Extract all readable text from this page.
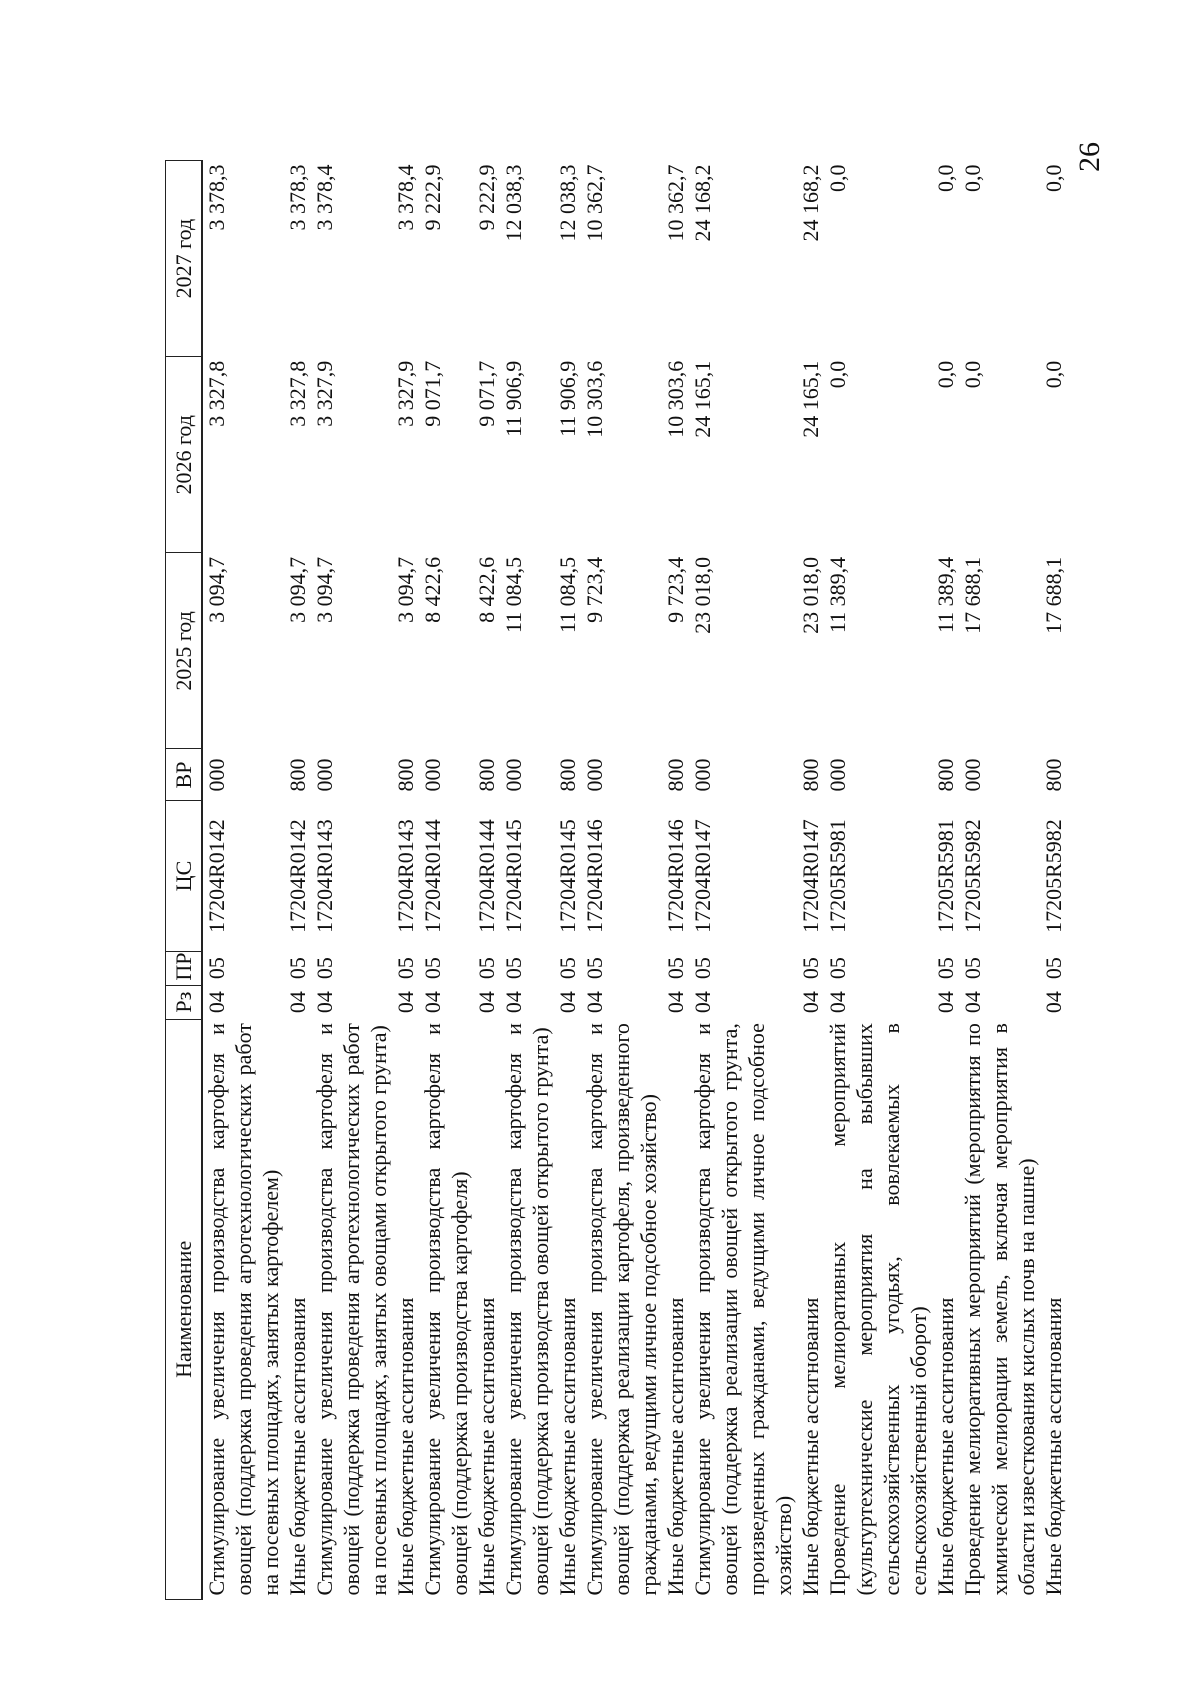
26
Наименование	Рз	ПР	ЦС	ВР	2025 год	2026 год	2027 год
Стимулирование увеличения производства картофеля и овощей (поддержка проведения агротехнологических работ на посевных площадях, занятых картофелем)	04	05	17204R0142	000	3 094,7	3 327,8	3 378,3
Иные бюджетные ассигнования	04	05	17204R0142	800	3 094,7	3 327,8	3 378,3
Стимулирование увеличения производства картофеля и овощей (поддержка проведения агротехнологических работ на посевных площадях, занятых овощами открытого грунта)	04	05	17204R0143	000	3 094,7	3 327,9	3 378,4
Иные бюджетные ассигнования	04	05	17204R0143	800	3 094,7	3 327,9	3 378,4
Стимулирование увеличения производства картофеля и овощей (поддержка производства картофеля)	04	05	17204R0144	000	8 422,6	9 071,7	9 222,9
Иные бюджетные ассигнования	04	05	17204R0144	800	8 422,6	9 071,7	9 222,9
Стимулирование увеличения производства картофеля и овощей (поддержка производства овощей открытого грунта)	04	05	17204R0145	000	11 084,5	11 906,9	12 038,3
Иные бюджетные ассигнования	04	05	17204R0145	800	11 084,5	11 906,9	12 038,3
Стимулирование увеличения производства картофеля и овощей (поддержка реализации картофеля, произведенного гражданами, ведущими личное подсобное хозяйство)	04	05	17204R0146	000	9 723,4	10 303,6	10 362,7
Иные бюджетные ассигнования	04	05	17204R0146	800	9 723,4	10 303,6	10 362,7
Стимулирование увеличения производства картофеля и овощей (поддержка реализации овощей открытого грунта, произведенных гражданами, ведущими личное подсобное хозяйство)	04	05	17204R0147	000	23 018,0	24 165,1	24 168,2
Иные бюджетные ассигнования	04	05	17204R0147	800	23 018,0	24 165,1	24 168,2
Проведение мелиоративных мероприятий (культуртехнические мероприятия на выбывших сельскохозяйственных угодьях, вовлекаемых в сельскохозяйственный оборот)	04	05	17205R5981	000	11 389,4	0,0	0,0
Иные бюджетные ассигнования	04	05	17205R5981	800	11 389,4	0,0	0,0
Проведение мелиоративных мероприятий (мероприятия по химической мелиорации земель, включая мероприятия в области известкования кислых почв на пашне)	04	05	17205R5982	000	17 688,1	0,0	0,0
Иные бюджетные ассигнования	04	05	17205R5982	800	17 688,1	0,0	0,0
